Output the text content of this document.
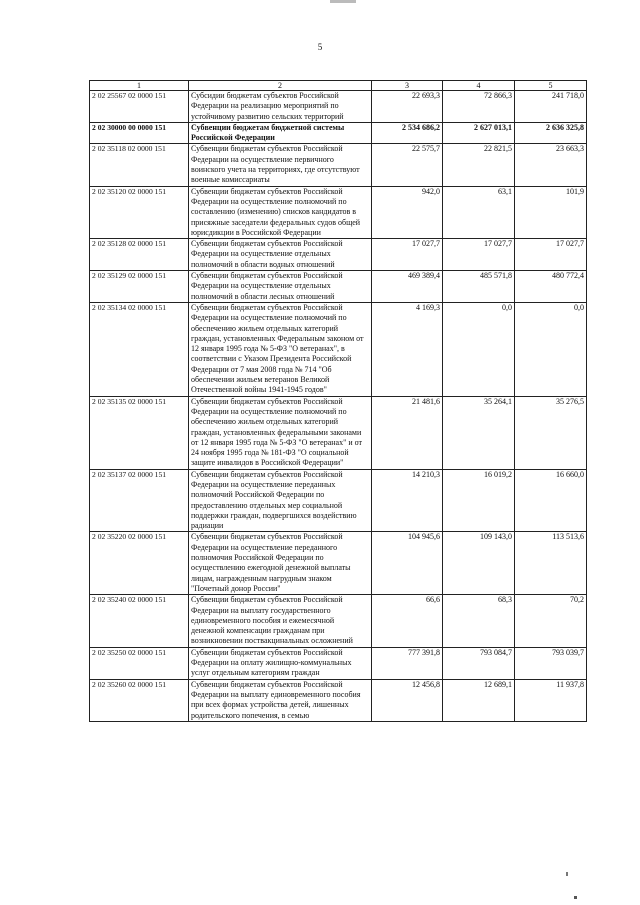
5
1	2	3	4	5
2 02 25567 02 0000 151	Субсидии бюджетам субъектов Российской Федерации на реализацию мероприятий по устойчивому развитию сельских территорий	22 693,3	72 866,3	241 718,0
2 02 30000 00 0000 151	Субвенции бюджетам бюджетной системы Российской Федерации	2 534 686,2	2 627 013,1	2 636 325,8
2 02 35118 02 0000 151	Субвенции бюджетам субъектов Российской Федерации на осуществление первичного воинского учета на территориях, где отсутствуют военные комиссариаты	22 575,7	22 821,5	23 663,3
2 02 35120 02 0000 151	Субвенции бюджетам субъектов Российской Федерации на осуществление полномочий по составлению (изменению) списков кандидатов в присяжные заседатели федеральных судов общей юрисдикции в Российской Федерации	942,0	63,1	101,9
2 02 35128 02 0000 151	Субвенции бюджетам субъектов Российской Федерации на осуществление отдельных полномочий в области водных отношений	17 027,7	17 027,7	17 027,7
2 02 35129 02 0000 151	Субвенции бюджетам субъектов Российской Федерации на осуществление отдельных полномочий в области лесных отношений	469 389,4	485 571,8	480 772,4
2 02 35134 02 0000 151	Субвенции бюджетам субъектов Российской Федерации на осуществление полномочий по обеспечению жильем отдельных категорий граждан, установленных Федеральным законом от 12 января 1995 года № 5-ФЗ "О ветеранах", в соответствии с Указом Президента Российской Федерации от 7 мая 2008 года № 714 "Об обеспечении жильем ветеранов Великой Отечественной войны 1941-1945 годов"	4 169,3	0,0	0,0
2 02 35135 02 0000 151	Субвенции бюджетам субъектов Российской Федерации на осуществление полномочий по обеспечению жильем отдельных категорий граждан, установленных федеральными законами от 12 января 1995 года № 5-ФЗ "О ветеранах" и от 24 ноября 1995 года № 181-ФЗ "О социальной защите инвалидов в Российской Федерации"	21 481,6	35 264,1	35 276,5
2 02 35137 02 0000 151	Субвенции бюджетам субъектов Российской Федерации на осуществление переданных полномочий Российской Федерации по предоставлению отдельных мер социальной поддержки граждан, подвергшихся воздействию радиации	14 210,3	16 019,2	16 660,0
2 02 35220 02 0000 151	Субвенции бюджетам субъектов Российской Федерации на осуществление переданного полномочия Российской Федерации по осуществлению ежегодной денежной выплаты лицам, награжденным нагрудным знаком "Почетный донор России"	104 945,6	109 143,0	113 513,6
2 02 35240 02 0000 151	Субвенции бюджетам субъектов Российской Федерации на выплату государственного единовременного пособия и ежемесячной денежной компенсации гражданам при возникновении поствакцинальных осложнений	66,6	68,3	70,2
2 02 35250 02 0000 151	Субвенции бюджетам субъектов Российской Федерации на оплату жилищно-коммунальных услуг отдельным категориям граждан	777 391,8	793 084,7	793 039,7
2 02 35260 02 0000 151	Субвенции бюджетам субъектов Российской Федерации на выплату единовременного пособия при всех формах устройства детей, лишенных родительского попечения, в семью	12 456,8	12 689,1	11 937,8
